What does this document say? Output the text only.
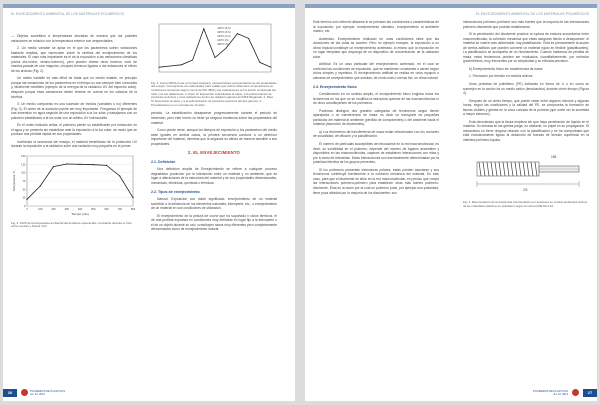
EL ENVEJECIMIENTO AMBIENTAL DE LOS MATERIALES POLIMÉRICOS

— Objetos sometidos a temperaturas elevadas de manera que las posibles variaciones en relación con la temperatura exterior son despreciables.

2. Un medio variable se aplaz en el que los parámetros sufren variaciones bastante amplias, que repercuten sobre la cinética del envejecimiento de los materiales. El caso más importante es el de la exposición a las variaciones climáticas (ciclos día-noche, verano-invierno), pero pueden citarse otros muchos: ciclo de marcha-parada de una máquina, choques térmicos ligados a las estaciones al efecto de los aromas (Fig. 2).

Un medio variable es más difícil de tratar que un medio estable, en principio porque las variaciones de los parámetros en el tiempo no son siempre bien conocidas y, fácilmente medibles (ejemplo de la energía de la radiación UV del espectro solar), después porque esas variaciones deben tenerse en cuenta en los cálculos de la cinética.

3. Un medio compuesto es una sucesión de medios (variables o no) diferentes (Fig. 3). El orden de la sucesión puede ser muy importante. Pongamos el ejemplo de una inmersión en agua seguida de una exposición a la luz solar y trabajamos con un polímero estabilizado a la luz solar con un aditivo UV hidrosoluble.

En el orden indicado arriba, el polímero pierde su estabilizante por extracción en el agua y se presenta sin estabilizar ante la exposición a la luz solar; de modo que se produce una pérdida rápida de sus propiedades.

Invirtiendo la secuencia del ensayo, el material beneficiado de la protección UV durante la exposición a la radiación sufre una variación muy pequeña en el primer

0
25
50
75
100
125
150
0	100	200	300	400	500	600	700	800
Tiempo (min)
Temperatura °C
Fig. 2. Perfil de la temperatura ambiental del ambiente superandos. Constante durante el ciclo entre Londres y Nueva York.
140°C (6 h)
160°C (6 h)
134°C (4 h)
120°C (h)
100°C (h)
Fig. 3. Curva CRDA (Loss of Contact Analysis), características representativas de las propiedades del ensayo. Corresponde a lo sabrosidad, para colillas que cubren diferentes composiciones en condiciones sucesivas según norma de ISO 4892 y las evaluaciones por la acción combinada del calor y de las radiaciones. 2. Paso IV: Exposición sobrellevado al vapor, a la polimerización de productos químicos y a las radiaciones dentro de radiación gamma del 60Ni Megarads. 3. Paso IV: Exposición al vapor y a la polimerización de productos químicos del tipo gamma. 4. Procedimiento en un mercado de 13 años.

período. La estabilización desaparece progresivamente durante el periodo de inmersión, pero este hecho no tiene ya ninguna incidencia sobre las propiedades del material.

Como puede verse, aunque los tiempos de exposición y los parámetros del medio sean iguales en ambos casos, la primera secuencia conduce a un deterioro importante del material, mientras que la segunda no afecta de manera sensible a sus propiedades.

2. EL ENVEJECIMIENTO
2.1. Definición

Una definición amplia de Envejecimiento se refiere a cualquier proceso degradativo producido por la interacción entre un material y un ambiente, que da lugar a alteraciones de la estructura del material y de sus propiedades dimensionales, mecánicas, eléctricas, químicas o térmicas.

2.2. Tipos de envejecimiento

Natural. Exposición con doble significado: envejecimiento de un material sometido a la influencia de los elementos naturales, intemperie, etc., o envejecimiento de un material en sus condiciones de utilización.

El envejecimiento de la pintura de coche que ha soportado n ciclos térmicos, el de una probeta expuesta en condiciones muy definidas en lugar fijo a la intemperie o el de un objeto durante su uso, constituyen casos muy diferentes pero completamente denominados como de envejecimiento natural.

26	POLIMEROS DE PLASTICOS
Jul. 12, 2013
EL ENVEJECIMIENTO AMBIENTAL DE LOS MATERIALES POLIMÉRICOS

Este término solo debería utilizarse si se precisan las condiciones o características de la exposición; por ejemplo: envejecimiento climático, envejecimiento al ambiente marino, etc.

Acelerado. Envejecimiento realizado en unas condiciones tales que las duraciones de las vidas se acorten. Pero un ejemplo europeo, la exposición a un clima tropical constituye un envejecimiento acelerado, lo mismo que la exposición en un lugar templado que disponga de un dispositivo de concentración de la radiación solar.

Artificial. Es un caso particular del envejecimiento acelerado, en el cual se controlan las condiciones de exposición, que se mantienen constantes o varían según ciclos simples y repetidos. El envejecimiento artificial se realiza en unos equipos o cámaras de envejecimiento que simulan, de modo más o menos fiel, un clima natural.

2.3. Envejecimiento físico

Considerando en un sentido amplio, el envejecimiento físico engloba todos los fenómenos en los que no se modifica la estructura química de las macromoléculas ni de otros constituyentes de los polímeros.

Podemos distinguir dos grandes categorías de fenómenos según tienen aparejados o no transferencia de masa: es decir un transporte de pequeñas partículas del material al ambiente (pérdida de componentes) o del ambiente hacia el material (absorción de disolventes).

a) Los fenómenos de transferencia de masa están relacionados con los nociones de solubilidad, de difusión y la plastificación.

El número de partículas susceptibles de introducirse en la red macromolecular, es decir, su solubilidad en el polímero, depende del número de lugares accesibles y disponibles en las macromoléculas, capaces de establecer interacciones con ellas y por lo tanto de retenerlas. Estas interacciones son esencialmente determinadas por la polaridad efectiva de los grupos presentes.

Si los polímeros presentan estructuras polares, éstas pueden asociarse y sus fenómenos contribuye fuertemente a la cohesión mecánica del material. En este caso, para que el disolvente se sitúe en la red macromolecular, es preciso que rompa las interacciones polímero-polímero para establecer otras más fuertes polímero-disolvente. Ésta es la razón por la cual un polímero polar, por ejemplo una poliamida, tiene poca afinidad por la mayoría de los disolventes: sus

interacciones polímero-polímero son más fuertes que la mayoría de las interacciones polímero-disolvente que podrían establecerse.

Si la penetración del disolvente produce la ruptura de enlaces secundarios entre macromoléculas, la cohesión mecánica que estas aseguran tiende a desaparecer: el material se vuelve más deformable, hay plastificación. Esta es precisamente la acción de ciertos aditivos que pueden convertir un material rígido en flexible (plastificantes). La plastificación se acompaña de un hinchamiento. Cuando hablamos de pérdida de masa, estos fenómenos pueden ser evaluados, cuantitativamente, por métodos gravimétricos, muy frecuentes por su simplicidad y su elevada precisión.

b) Envejecimiento físico sin transferencia de masa

1. Fisuración por tensión en medios activos

Unas probetas de polietileno (PE) dobladas en forma de U o en curva se sumerjen en la acción de un medio activo (tensioactivo) durante cierto tiempo (Figura 4).

Después de un cierto tiempo, que puede variar entre algunos minutos y algunas horas, según las condiciones y la calidad del PE, se comprueba la formación de fisuras visibles y grietas en la zona curvada de la probeta (que suele ser la sometida a mayor esfuerzo).

Está demostrado que la fisura empieza sin que haya penetración de líquido en el material. Su entrada en las grietas juega, no obstante, un papel en su propagación. El mecanismo no tiene ninguna relación con la plastificación y se ha comprobado que está exclusivamente ligado al desarrollo de fuerzas de tensión superficial en la interfase polímero-líquido.

165
2/3
Fig. 4. Determinación de la resistencia a la fisuración por tensiones en medios ambientes activos de los materiales plásticos en polietileno según la norma UNE 53-2-16.
POLIMEROS DE PLASTICOS
Jul. 12, 2013	27
